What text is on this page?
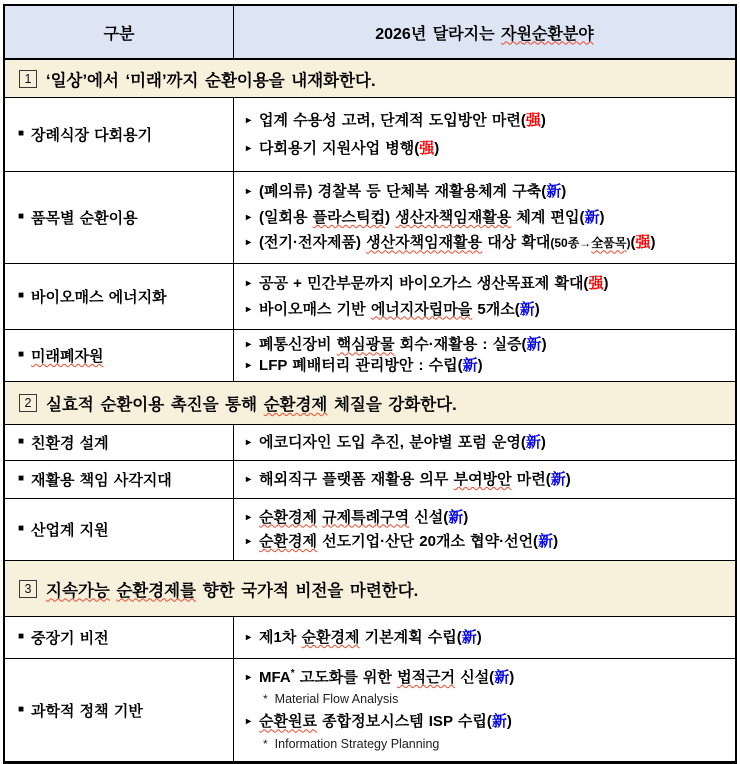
구분	2026년 달라지는 자원순환분야
1 ‘일상’에서 ‘미래’까지 순환이용을 내재화한다.
■ 장례식장 다회용기
▸ 업계 수용성 고려, 단계적 도입방안 마련(强)
▸ 다회용기 지원사업 병행(强)
■ 품목별 순환이용
▸ (폐의류) 경찰복 등 단체복 재활용체계 구축(新)
▸ (일회용 플라스틱컵) 생산자책임재활용 체계 편입(新)
▸ (전기·전자제품) 생산자책임재활용 대상 확대(50종→全품목)(强)
■ 바이오매스 에너지화
▸ 공공 + 민간부문까지 바이오가스 생산목표제 확대(强)
▸ 바이오매스 기반 에너지자립마을 5개소(新)
■ 미래폐자원
▸ 폐통신장비 핵심광물 회수·재활용 : 실증(新)
▸ LFP 폐배터리 관리방안 : 수립(新)
2 실효적 순환이용 촉진을 통해 순환경제 체질을 강화한다.
■ 친환경 설계	▸ 에코디자인 도입 추진, 분야별 포럼 운영(新)
■ 재활용 책임 사각지대	▸ 해외직구 플랫폼 재활용 의무 부여방안 마련(新)
■ 산업계 지원
▸ 순환경제 규제특례구역 신설(新)
▸ 순환경제 선도기업·산단 20개소 협약·선언(新)
3 지속가능 순환경제를 향한 국가적 비전을 마련한다.
■ 중장기 비전	▸ 제1차 순환경제 기본계획 수립(新)
■ 과학적 정책 기반
▸ MFA* 고도화를 위한 법적근거 신설(新)
* Material Flow Analysis
▸ 순환원료 종합정보시스템 ISP 수립(新)
* Information Strategy Planning
